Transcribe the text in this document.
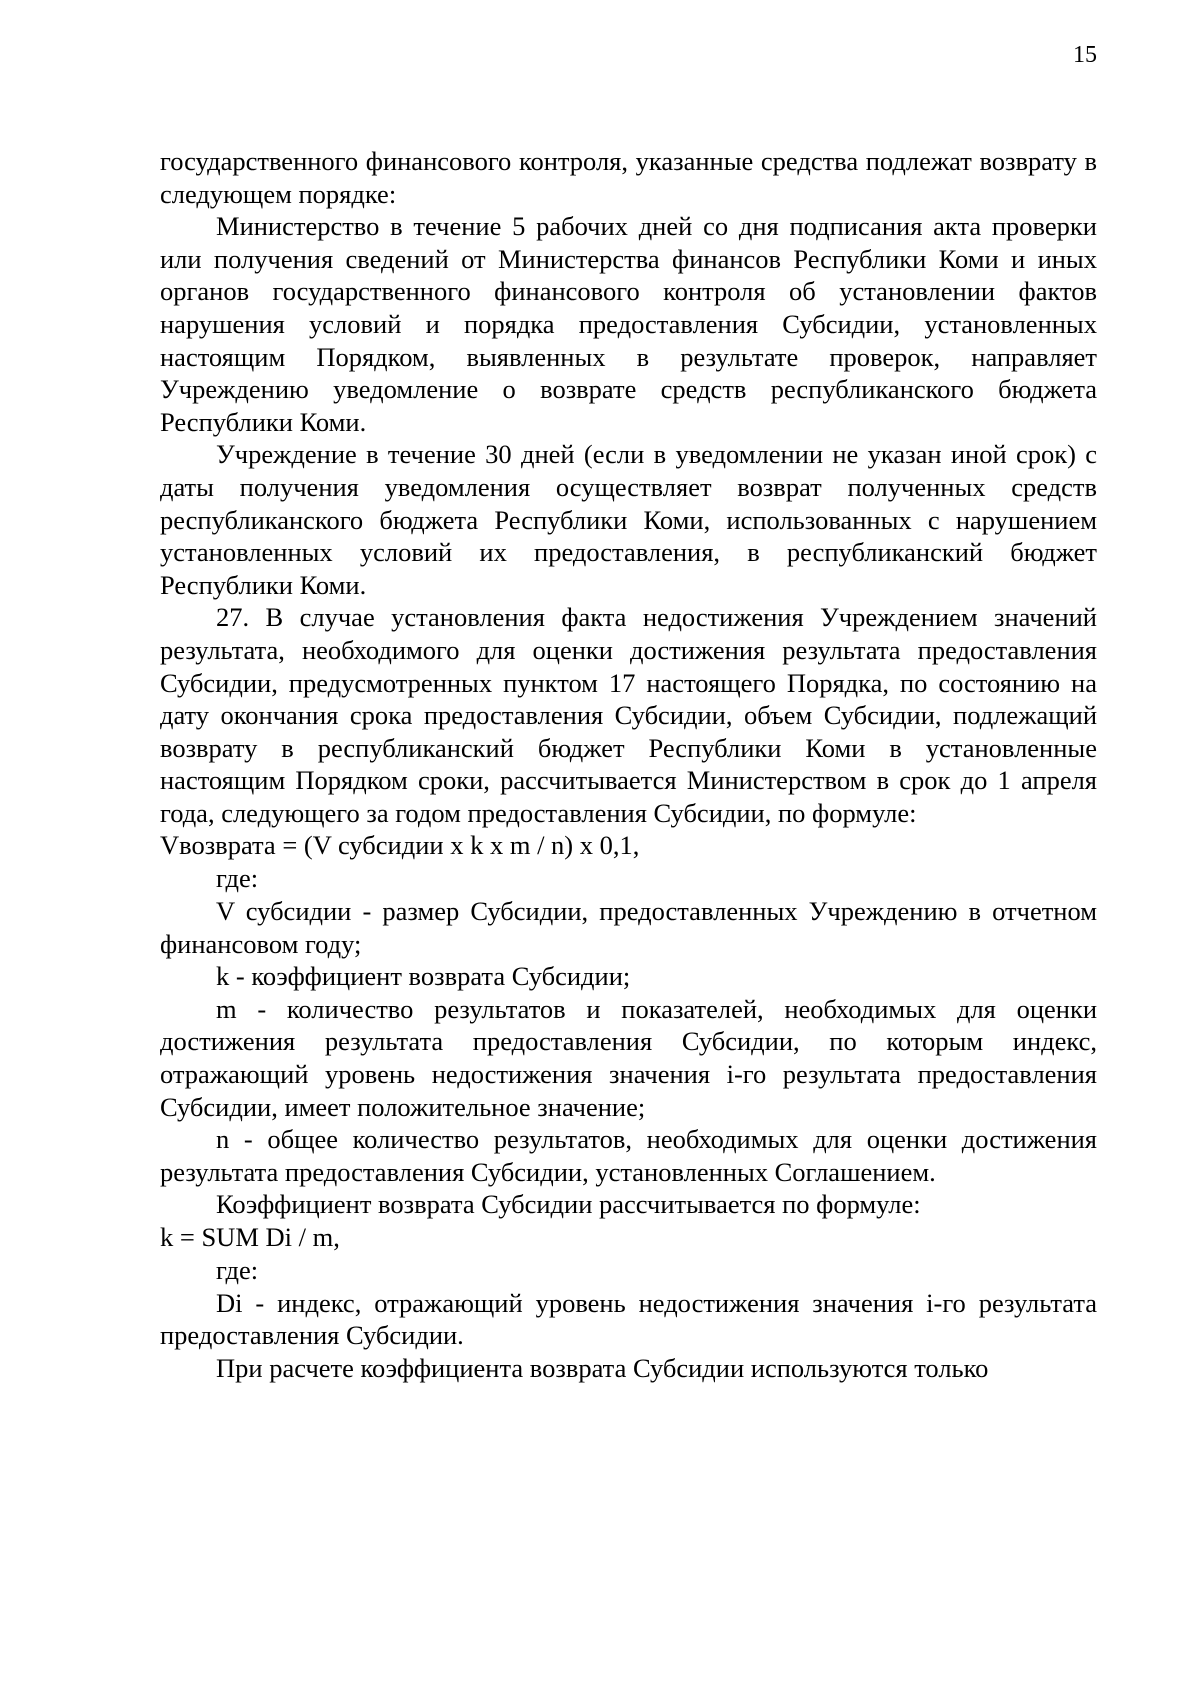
15

государственного финансового контроля, указанные средства подлежат возврату в следующем порядке:

Министерство в течение 5 рабочих дней со дня подписания акта проверки или получения сведений от Министерства финансов Республики Коми и иных органов государственного финансового контроля об установлении фактов нарушения условий и порядка предоставления Субсидии, установленных настоящим Порядком, выявленных в результате проверок, направляет Учреждению уведомление о возврате средств республиканского бюджета Республики Коми.

Учреждение в течение 30 дней (если в уведомлении не указан иной срок) с даты получения уведомления осуществляет возврат полученных средств республиканского бюджета Республики Коми, использованных с нарушением установленных условий их предоставления, в республиканский бюджет Республики Коми.

27. В случае установления факта недостижения Учреждением значений результата, необходимого для оценки достижения результата предоставления Субсидии, предусмотренных пунктом 17 настоящего Порядка, по состоянию на дату окончания срока предоставления Субсидии, объем Субсидии, подлежащий возврату в республиканский бюджет Республики Коми в установленные настоящим Порядком сроки, рассчитывается Министерством в срок до 1 апреля года, следующего за годом предоставления Субсидии, по формуле:

Vвозврата = (V субсидии x k x m / n) x 0,1,

где:

V субсидии - размер Субсидии, предоставленных Учреждению в отчетном финансовом году;

k - коэффициент возврата Субсидии;

m - количество результатов и показателей, необходимых для оценки достижения результата предоставления Субсидии, по которым индекс, отражающий уровень недостижения значения i-го результата предоставления Субсидии, имеет положительное значение;

n - общее количество результатов, необходимых для оценки достижения результата предоставления Субсидии, установленных Соглашением.

Коэффициент возврата Субсидии рассчитывается по формуле:

k = SUM Di / m,

где:

Di - индекс, отражающий уровень недостижения значения i-го результата предоставления Субсидии.

При расчете коэффициента возврата Субсидии используются только
